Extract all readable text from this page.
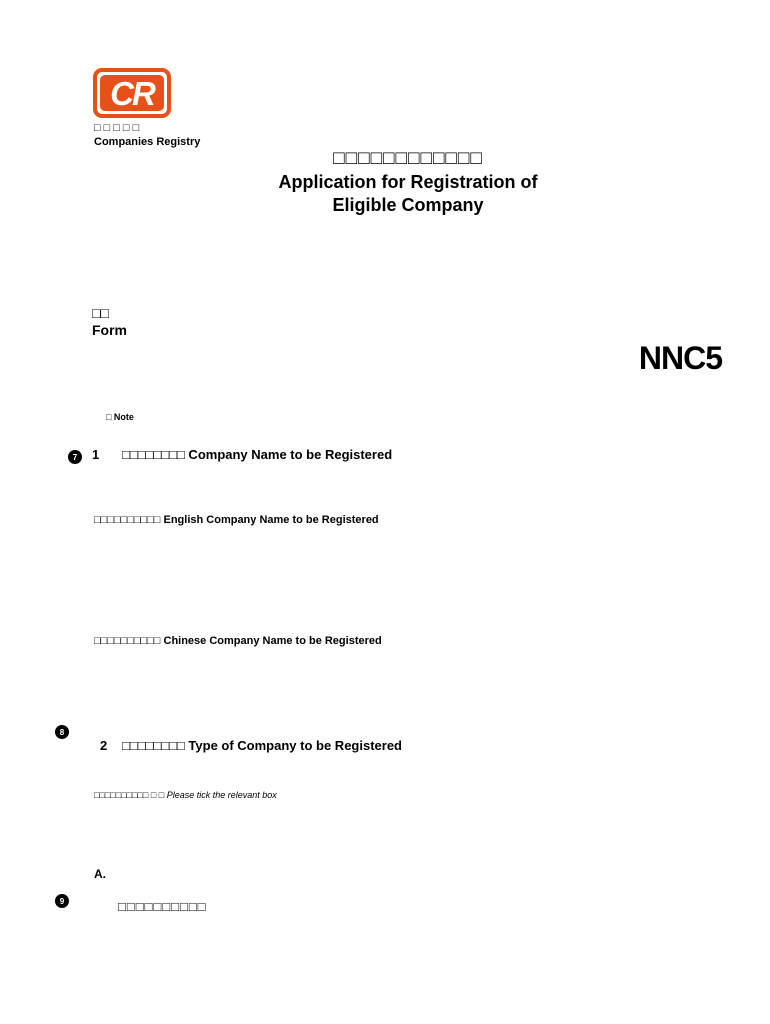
CR
□□□□□
Companies Registry
□□□□□□□□□□□□
Application for Registration of
Eligible Company
□□
Form
NNC5
□ Note
7	1 □□□□□□□□ Company Name to be Registered
□□□□□□□□□□ English Company Name to be Registered
□□□□□□□□□□ Chinese Company Name to be Registered
8
2 □□□□□□□□ Type of Company to be Registered
□□□□□□□□□□ □ □ Please tick the relevant box
A.
9	□□□□□□□□□□
